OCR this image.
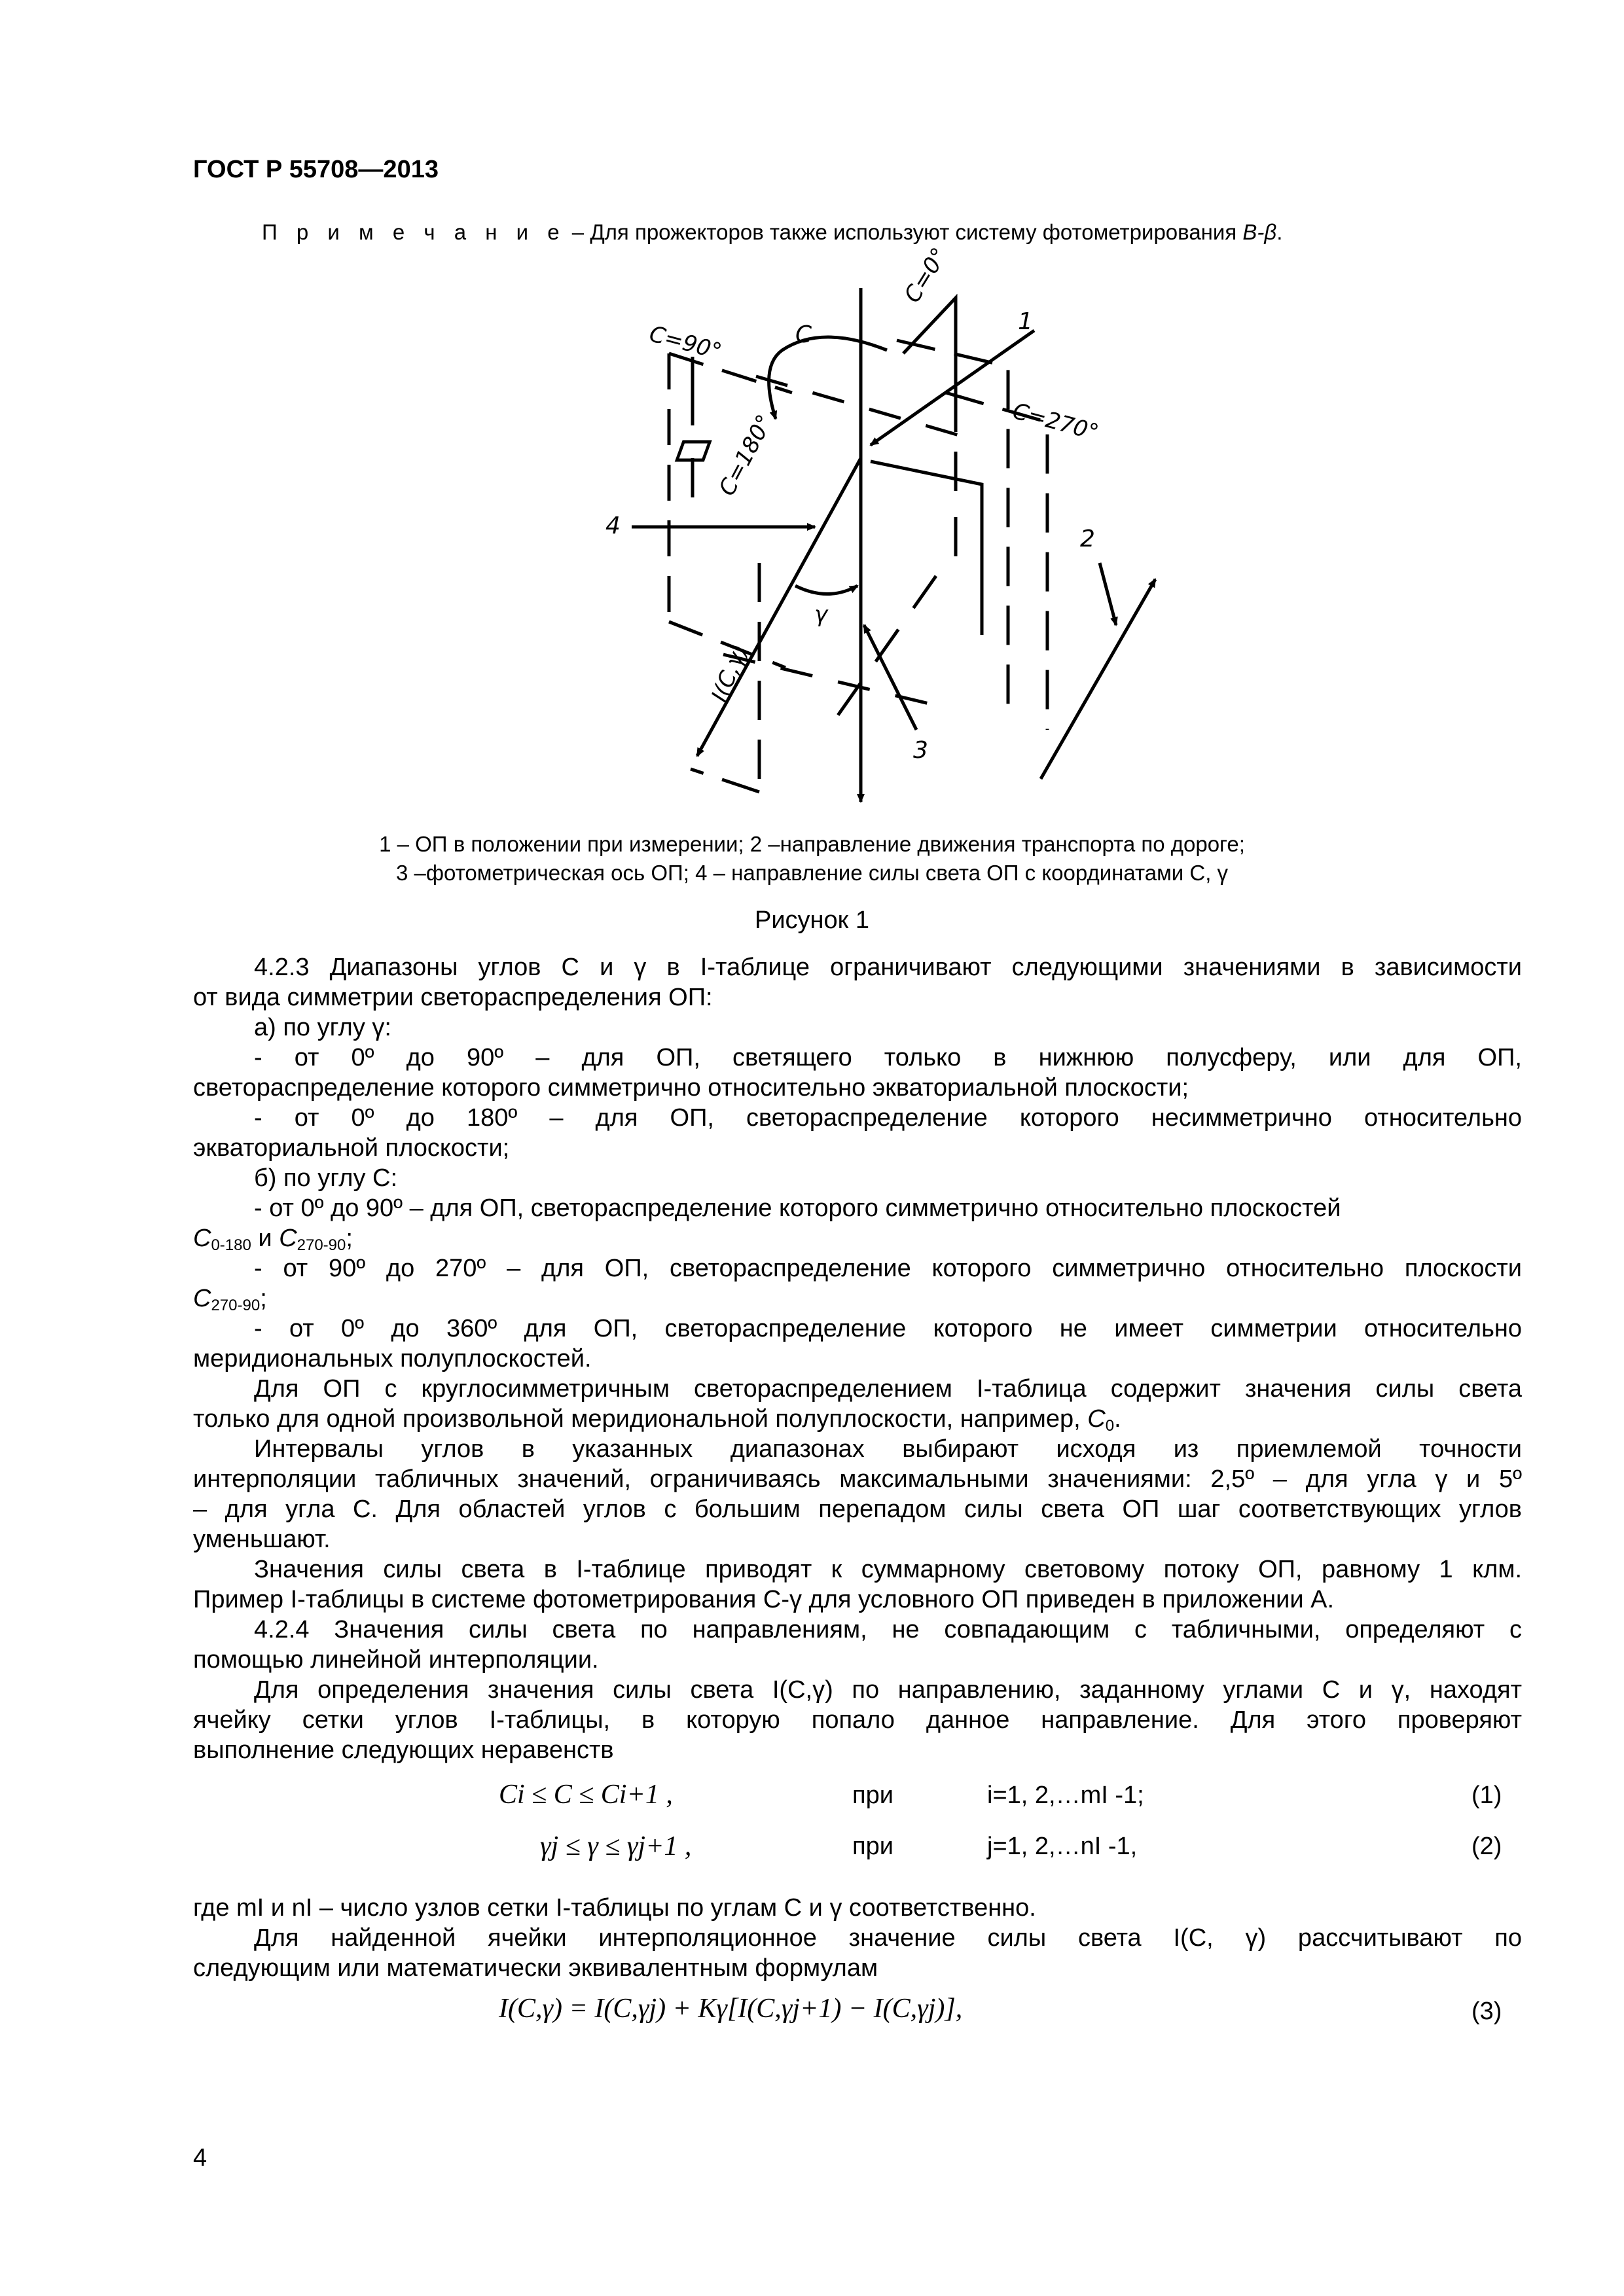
ГОСТ Р 55708—2013
П р и м е ч а н и е – Для прожекторов также используют систему фотометрирования B-β.
C=0°
C=90°
C=180°	C=270°
C
γ
I(C,γ)
1
2
3
4
1 – ОП в положении при измерении; 2 –направление движения транспорта по дороге;
3 –фотометрическая ось ОП; 4 – направление силы света ОП с координатами C, γ
Рисунок 1
4.2.3 Диапазоны углов C и γ в I-таблице ограничивают следующими значениями в зависимости
от вида симметрии светораспределения ОП:
а) по углу γ:
- от 0º до 90º – для ОП, светящего только в нижнюю полусферу, или для ОП,
светораспределение которого симметрично относительно экваториальной плоскости;
- от 0º до 180º – для ОП, светораспределение которого несимметрично относительно
экваториальной плоскости;
б) по углу C:
- от 0º до 90º – для ОП, светораспределение которого симметрично относительно плоскостей
$C_{0-180}$ и $C_{270-90}$;
- от 90º до 270º – для ОП, светораспределение которого симметрично относительно плоскости
$C_{270-90}$;
- от 0º до 360º для ОП, светораспределение которого не имеет симметрии относительно
меридиональных полуплоскостей.
Для ОП с круглосимметричным светораспределением I-таблица содержит значения силы света
только для одной произвольной меридиональной полуплоскости, например, $C_0$.
Интервалы углов в указанных диапазонах выбирают исходя из приемлемой точности
интерполяции табличных значений, ограничиваясь максимальными значениями: 2,5º – для угла γ и 5º
– для угла C. Для областей углов с большим перепадом силы света ОП шаг соответствующих углов
уменьшают.
Значения силы света в I-таблице приводят к суммарному световому потоку ОП, равному 1 клм.
Пример I-таблицы в системе фотометрирования C-γ для условного ОП приведен в приложении А.
4.2.4 Значения силы света по направлениям, не совпадающим с табличными, определяют с
помощью линейной интерполяции.
Для определения значения силы света I(C,γ) по направлению, заданному углами C и γ, находят
ячейку сетки углов I-таблицы, в которую попало данное направление. Для этого проверяют
выполнение следующих неравенств
Ci ≤ C ≤ Ci+1 ,	при	i=1, 2,…mI -1;	(1)
γj ≤ γ ≤ γj+1 ,	при	j=1, 2,…nI -1,	(2)
где mI и nI – число узлов сетки I-таблицы по углам C и γ соответственно.
Для найденной ячейки интерполяционное значение силы света I(C, γ) рассчитывают по
следующим или математически эквивалентным формулам
I(C,γ) = I(C,γj) + Kγ[I(C,γj+1) − I(C,γj)],	(3)
4
